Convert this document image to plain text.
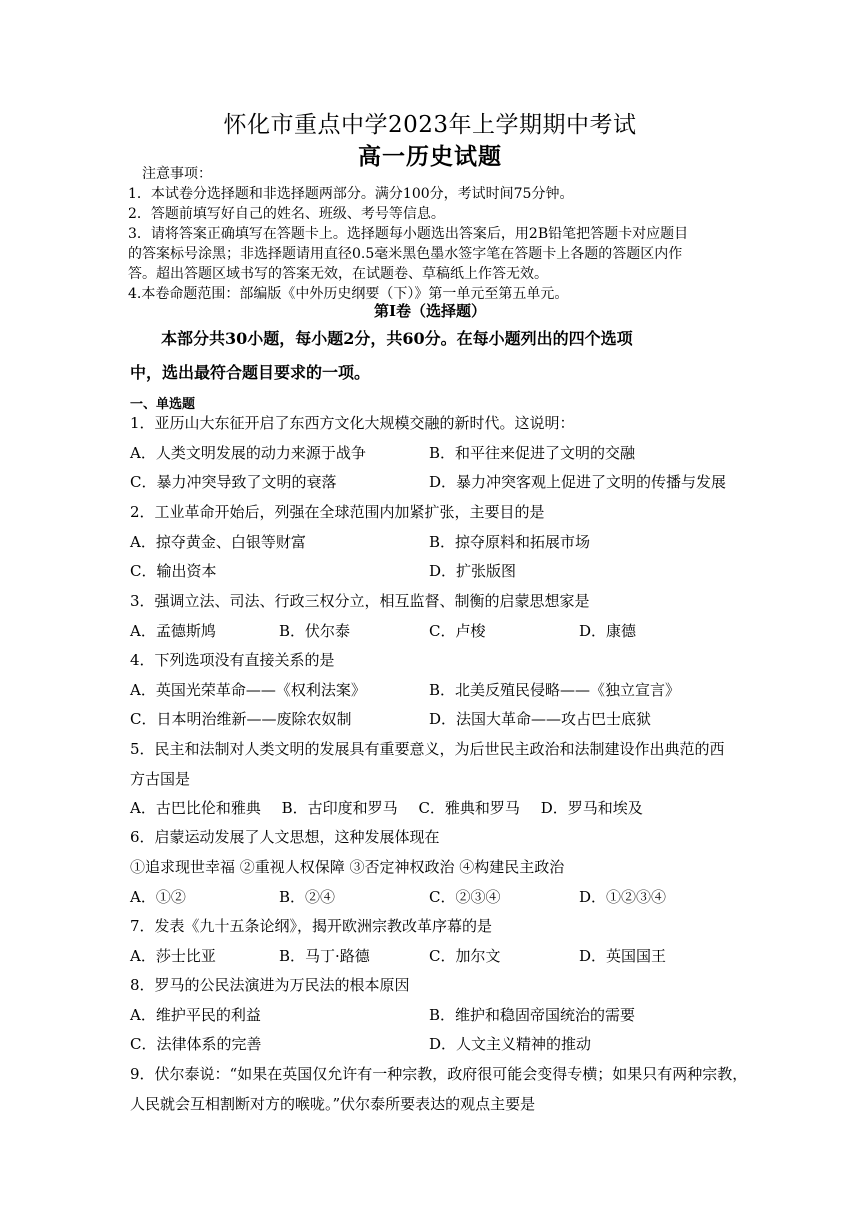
怀化市重点中学2023年上学期期中考试
高一历史试题
注意事项：
1．本试卷分选择题和非选择题两部分。满分100分，考试时间75分钟。
2．答题前填写好自己的姓名、班级、考号等信息。
3．请将答案正确填写在答题卡上。选择题每小题选出答案后，用2B铅笔把答题卡对应题目
的答案标号涂黑；非选择题请用直径0.5毫米黑色墨水签字笔在答题卡上各题的答题区内作
答。超出答题区域书写的答案无效，在试题卷、草稿纸上作答无效。
4.本卷命题范围：部编版《中外历史纲要（下）》第一单元至第五单元。
第Ⅰ卷（选择题）
本部分共30小题，每小题2分，共60分。在每小题列出的四个选项
中，选出最符合题目要求的一项。
一、单选题
1．亚历山大东征开启了东西方文化大规模交融的新时代。这说明：
A．人类文明发展的动力来源于战争	B．和平往来促进了文明的交融
C．暴力冲突导致了文明的衰落	D．暴力冲突客观上促进了文明的传播与发展
2．工业革命开始后，列强在全球范围内加紧扩张，主要目的是
A．掠夺黄金、白银等财富	B．掠夺原料和拓展市场
C．输出资本	D．扩张版图
3．强调立法、司法、行政三权分立，相互监督、制衡的启蒙思想家是
A．孟德斯鸠	B．伏尔泰	C．卢梭	D．康德
4．下列选项没有直接关系的是
A．英国光荣革命——《权利法案》	B．北美反殖民侵略——《独立宣言》
C．日本明治维新——废除农奴制	D．法国大革命——攻占巴士底狱
5．民主和法制对人类文明的发展具有重要意义，为后世民主政治和法制建设作出典范的西
方古国是
A．古巴比伦和雅典 B．古印度和罗马 C．雅典和罗马 D．罗马和埃及
6．启蒙运动发展了人文思想，这种发展体现在
①追求现世幸福 ②重视人权保障 ③否定神权政治 ④构建民主政治
A．①②	B．②④	C．②③④	D．①②③④
7．发表《九十五条论纲》，揭开欧洲宗教改革序幕的是
A．莎士比亚	B．马丁·路德	C．加尔文	D．英国国王
8．罗马的公民法演进为万民法的根本原因
A．维护平民的利益	B．维护和稳固帝国统治的需要
C．法律体系的完善	D．人文主义精神的推动
9．伏尔泰说：“如果在英国仅允许有一种宗教，政府很可能会变得专横；如果只有两种宗教，
人民就会互相割断对方的喉咙。”伏尔泰所要表达的观点主要是
